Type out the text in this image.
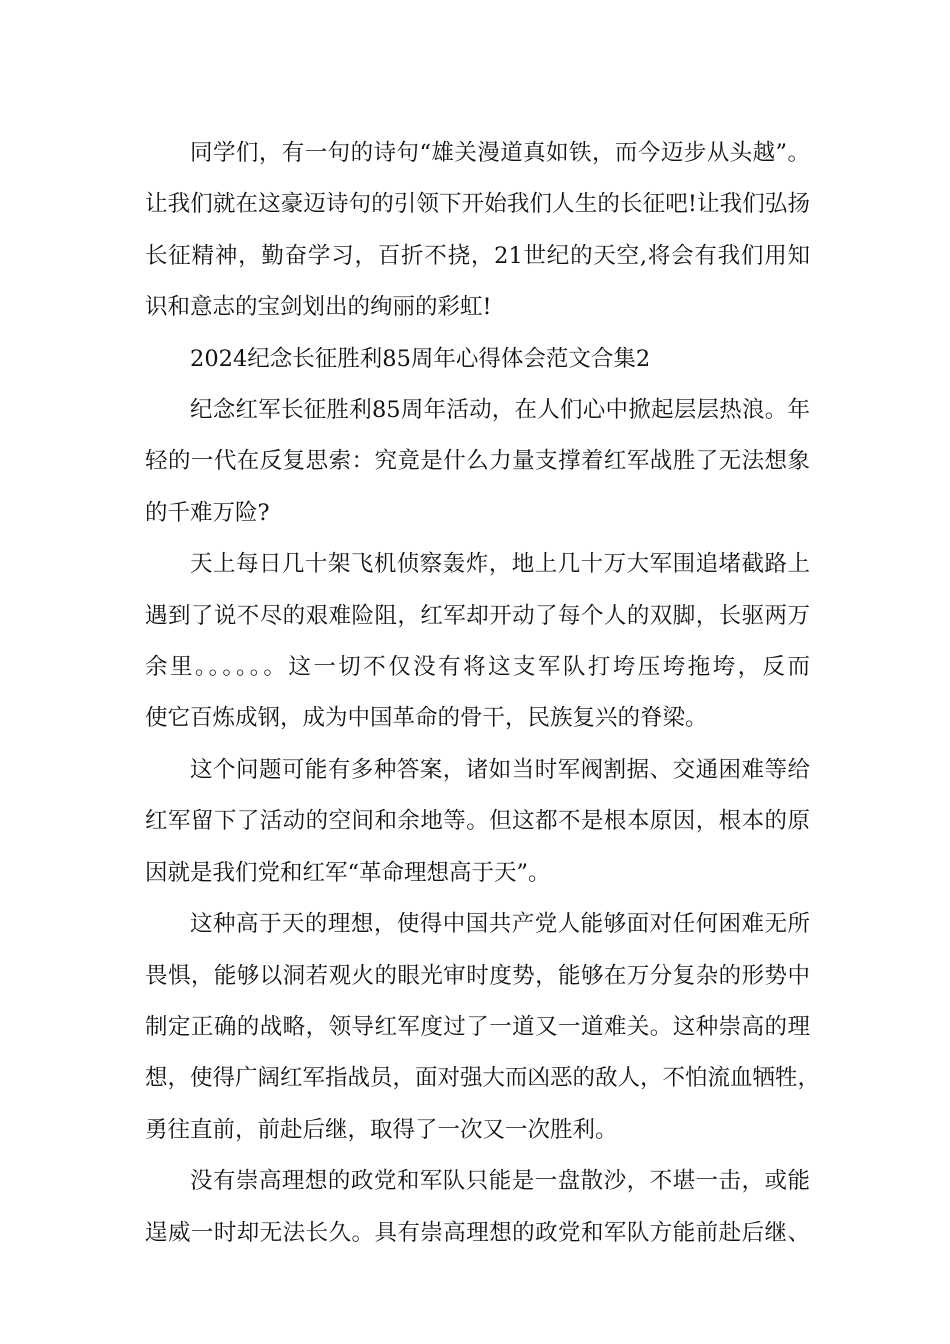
同学们，有一句的诗句“雄关漫道真如铁，而今迈步从头越”。
让我们就在这豪迈诗句的引领下开始我们人生的长征吧!让我们弘扬
长征精神，勤奋学习，百折不挠，21世纪的天空,将会有我们用知
识和意志的宝剑划出的绚丽的彩虹!
2024纪念长征胜利85周年心得体会范文合集2
纪念红军长征胜利85周年活动，在人们心中掀起层层热浪。年
轻的一代在反复思索：究竟是什么力量支撑着红军战胜了无法想象
的千难万险?
天上每日几十架飞机侦察轰炸，地上几十万大军围追堵截路上
遇到了说不尽的艰难险阻，红军却开动了每个人的双脚，长驱两万
余里。。。。。。这一切不仅没有将这支军队打垮压垮拖垮，反而
使它百炼成钢，成为中国革命的骨干，民族复兴的脊梁。
这个问题可能有多种答案，诸如当时军阀割据、交通困难等给
红军留下了活动的空间和余地等。但这都不是根本原因，根本的原
因就是我们党和红军“革命理想高于天”。
这种高于天的理想，使得中国共产党人能够面对任何困难无所
畏惧，能够以洞若观火的眼光审时度势，能够在万分复杂的形势中
制定正确的战略，领导红军度过了一道又一道难关。这种崇高的理
想，使得广阔红军指战员，面对强大而凶恶的敌人，不怕流血牺牲，
勇往直前，前赴后继，取得了一次又一次胜利。
没有崇高理想的政党和军队只能是一盘散沙，不堪一击，或能
逞威一时却无法长久。具有崇高理想的政党和军队方能前赴后继、
